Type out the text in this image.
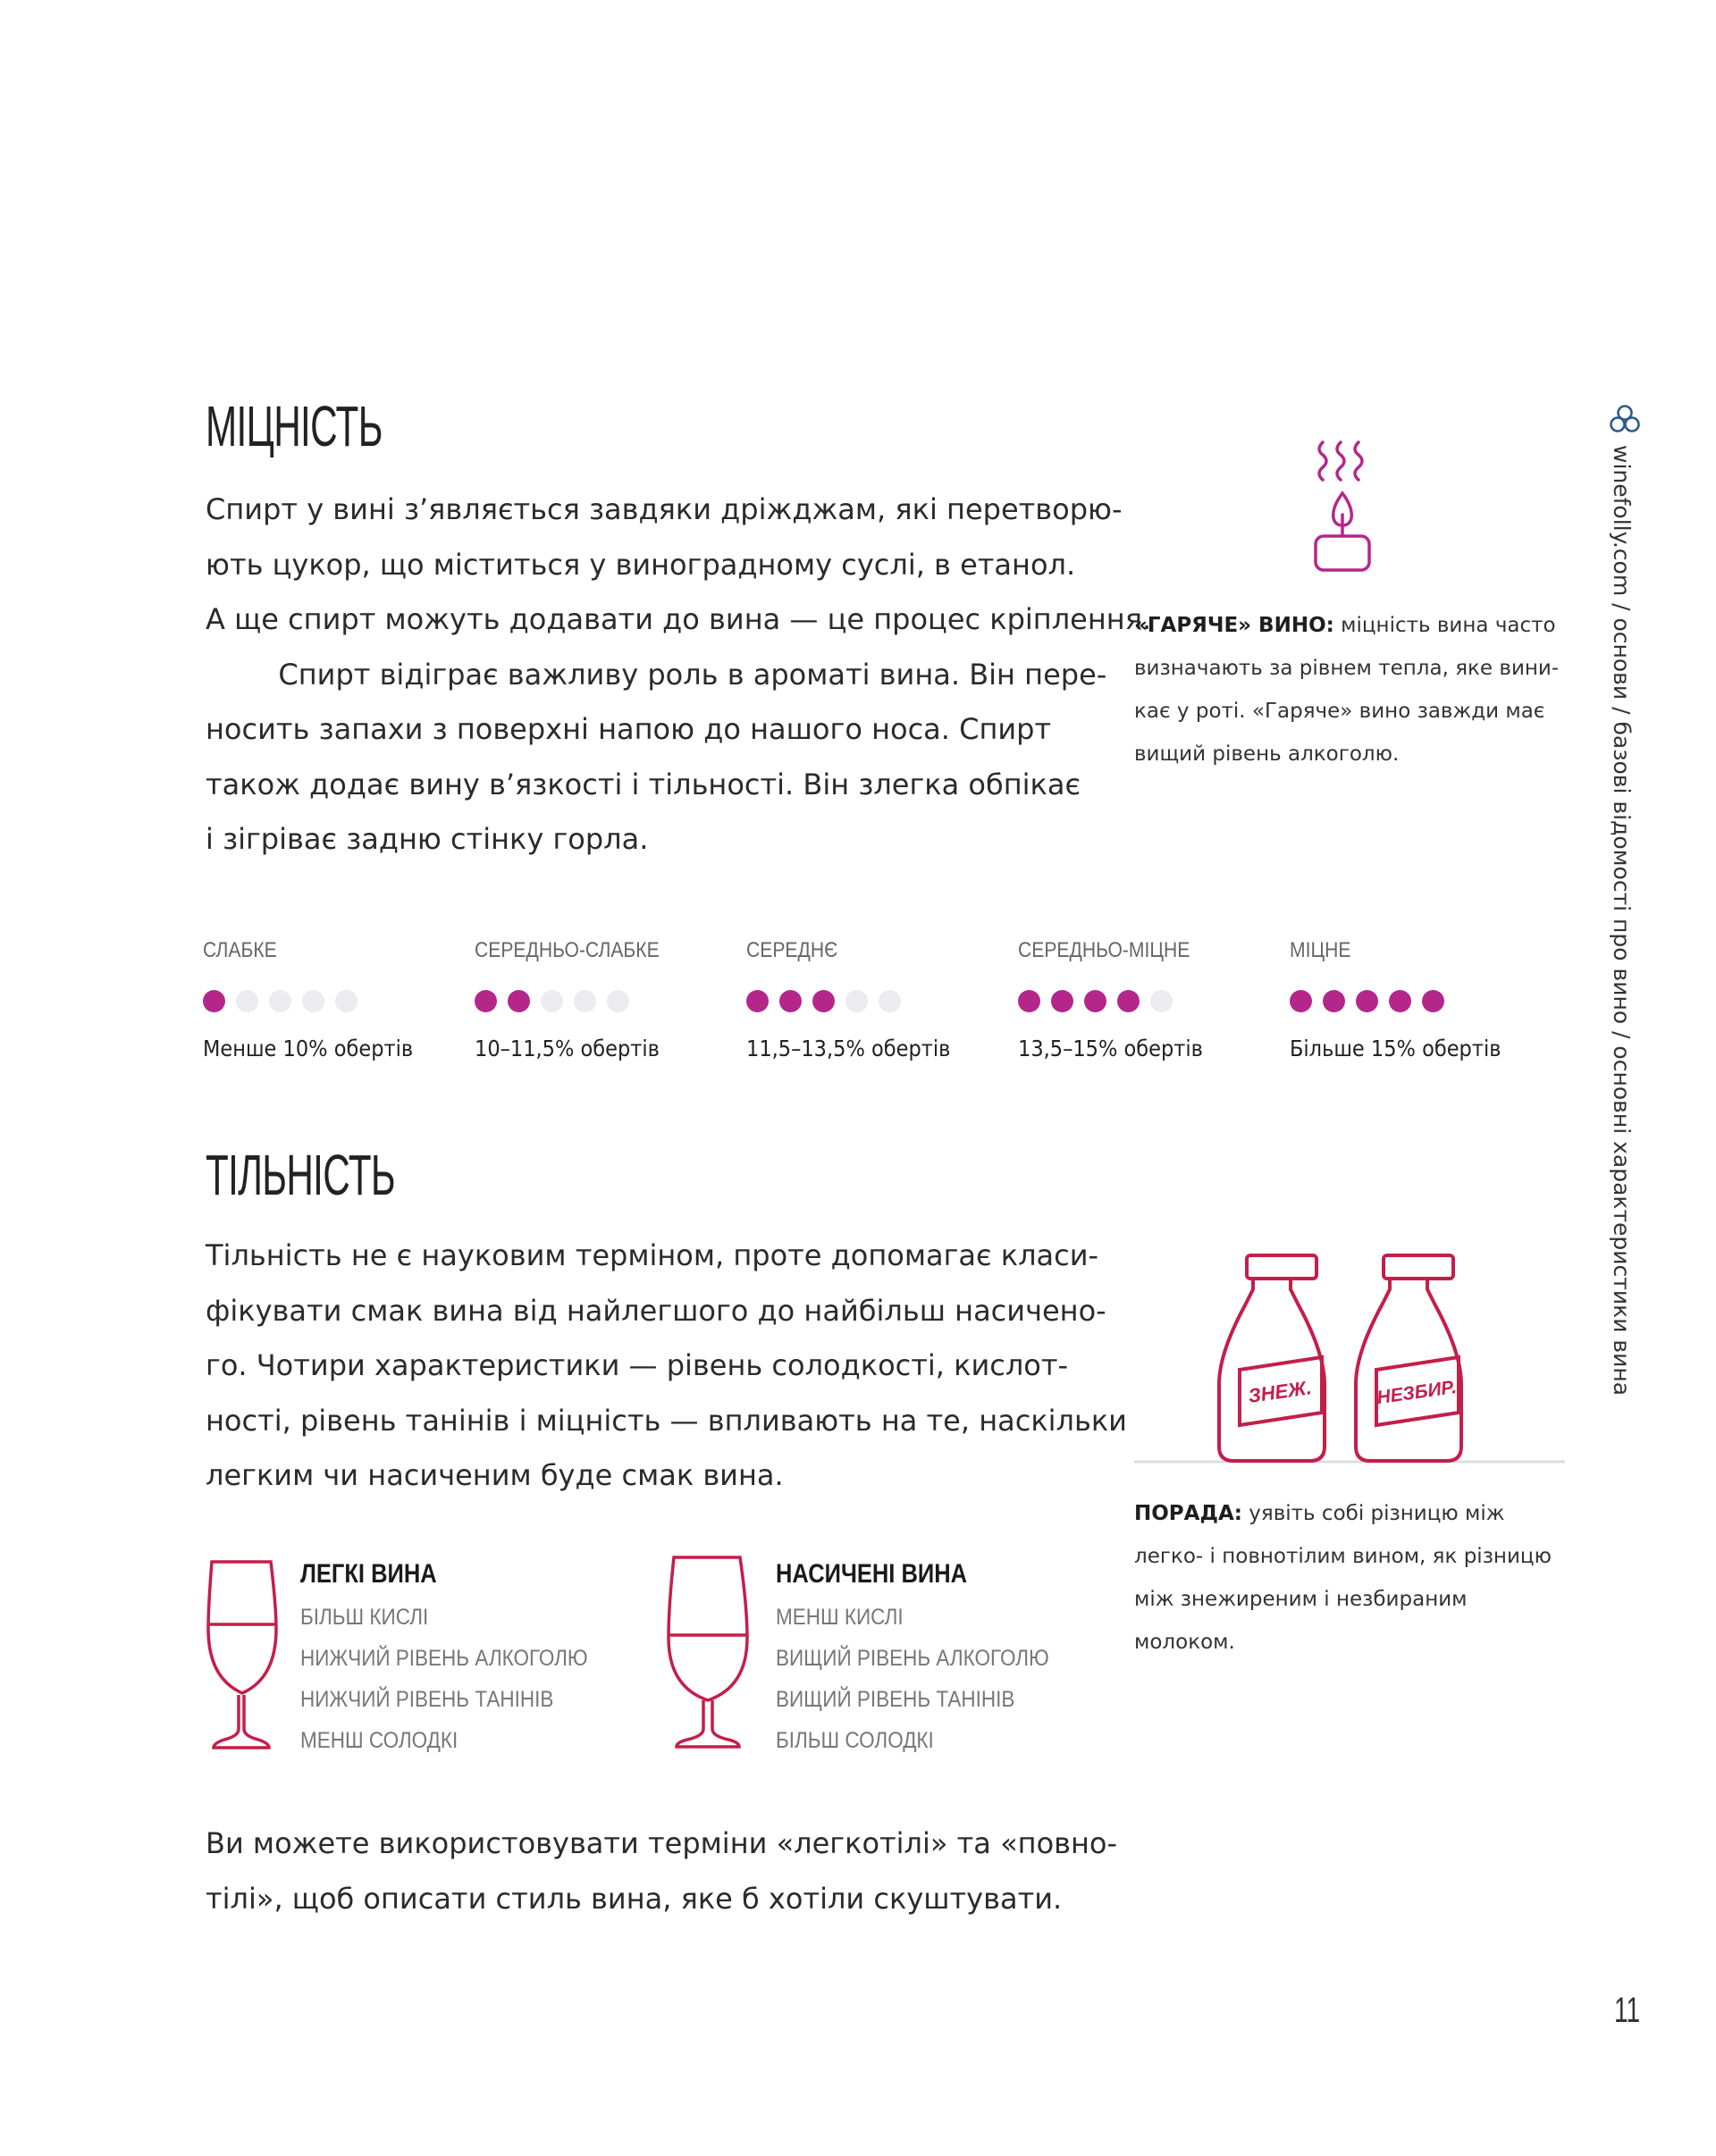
МІЦНІСТЬ
Спирт у вині з’являється завдяки дріжджам, які перетворю-
ють цукор, що міститься у виноградному суслі, в етанол.
А ще спирт можуть додавати до вина — це процес кріплення.
Спирт відіграє важливу роль в ароматі вина. Він пере-
носить запахи з поверхні напою до нашого носа. Спирт
також додає вину в’язкості і тільності. Він злегка обпікає
і зігріває задню стінку горла.
«ГАРЯЧЕ» ВИНО: міцність вина часто
визначають за рівнем тепла, яке вини-
кає у роті. «Гаряче» вино завжди має
вищий рівень алкоголю.
СЛАБКЕ
Менше 10% обертів
СЕРЕДНЬО-СЛАБКЕ
10–11,5% обертів
СЕРЕДНЄ
11,5–13,5% обертів
СЕРЕДНЬО-МІЦНЕ
13,5–15% обертів
МІЦНЕ
Більше 15% обертів
ТІЛЬНІСТЬ
Тільність не є науковим терміном, проте допомагає класи-
фікувати смак вина від найлегшого до найбільш насичено-
го. Чотири характеристики — рівень солодкості, кислот-
ності, рівень танінів і міцність — впливають на те, наскільки
легким чи насиченим буде смак вина.
ЗНЕЖ.	НЕЗБИР.
ПОРАДА: уявіть собі різницю між
легко- і повнотілим вином, як різницю
між знежиреним і незбираним
молоком.
ЛЕГКІ ВИНА
БІЛЬШ КИСЛІ
НИЖЧИЙ РІВЕНЬ АЛКОГОЛЮ
НИЖЧИЙ РІВЕНЬ ТАНІНІВ
МЕНШ СОЛОДКІ
НАСИЧЕНІ ВИНА
МЕНШ КИСЛІ
ВИЩИЙ РІВЕНЬ АЛКОГОЛЮ
ВИЩИЙ РІВЕНЬ ТАНІНІВ
БІЛЬШ СОЛОДКІ
Ви можете використовувати терміни «легкотілі» та «повно-
тілі», щоб описати стиль вина, яке б хотіли скуштувати.
winefolly.com / основи / базові відомості про вино / основні характеристики вина
11
